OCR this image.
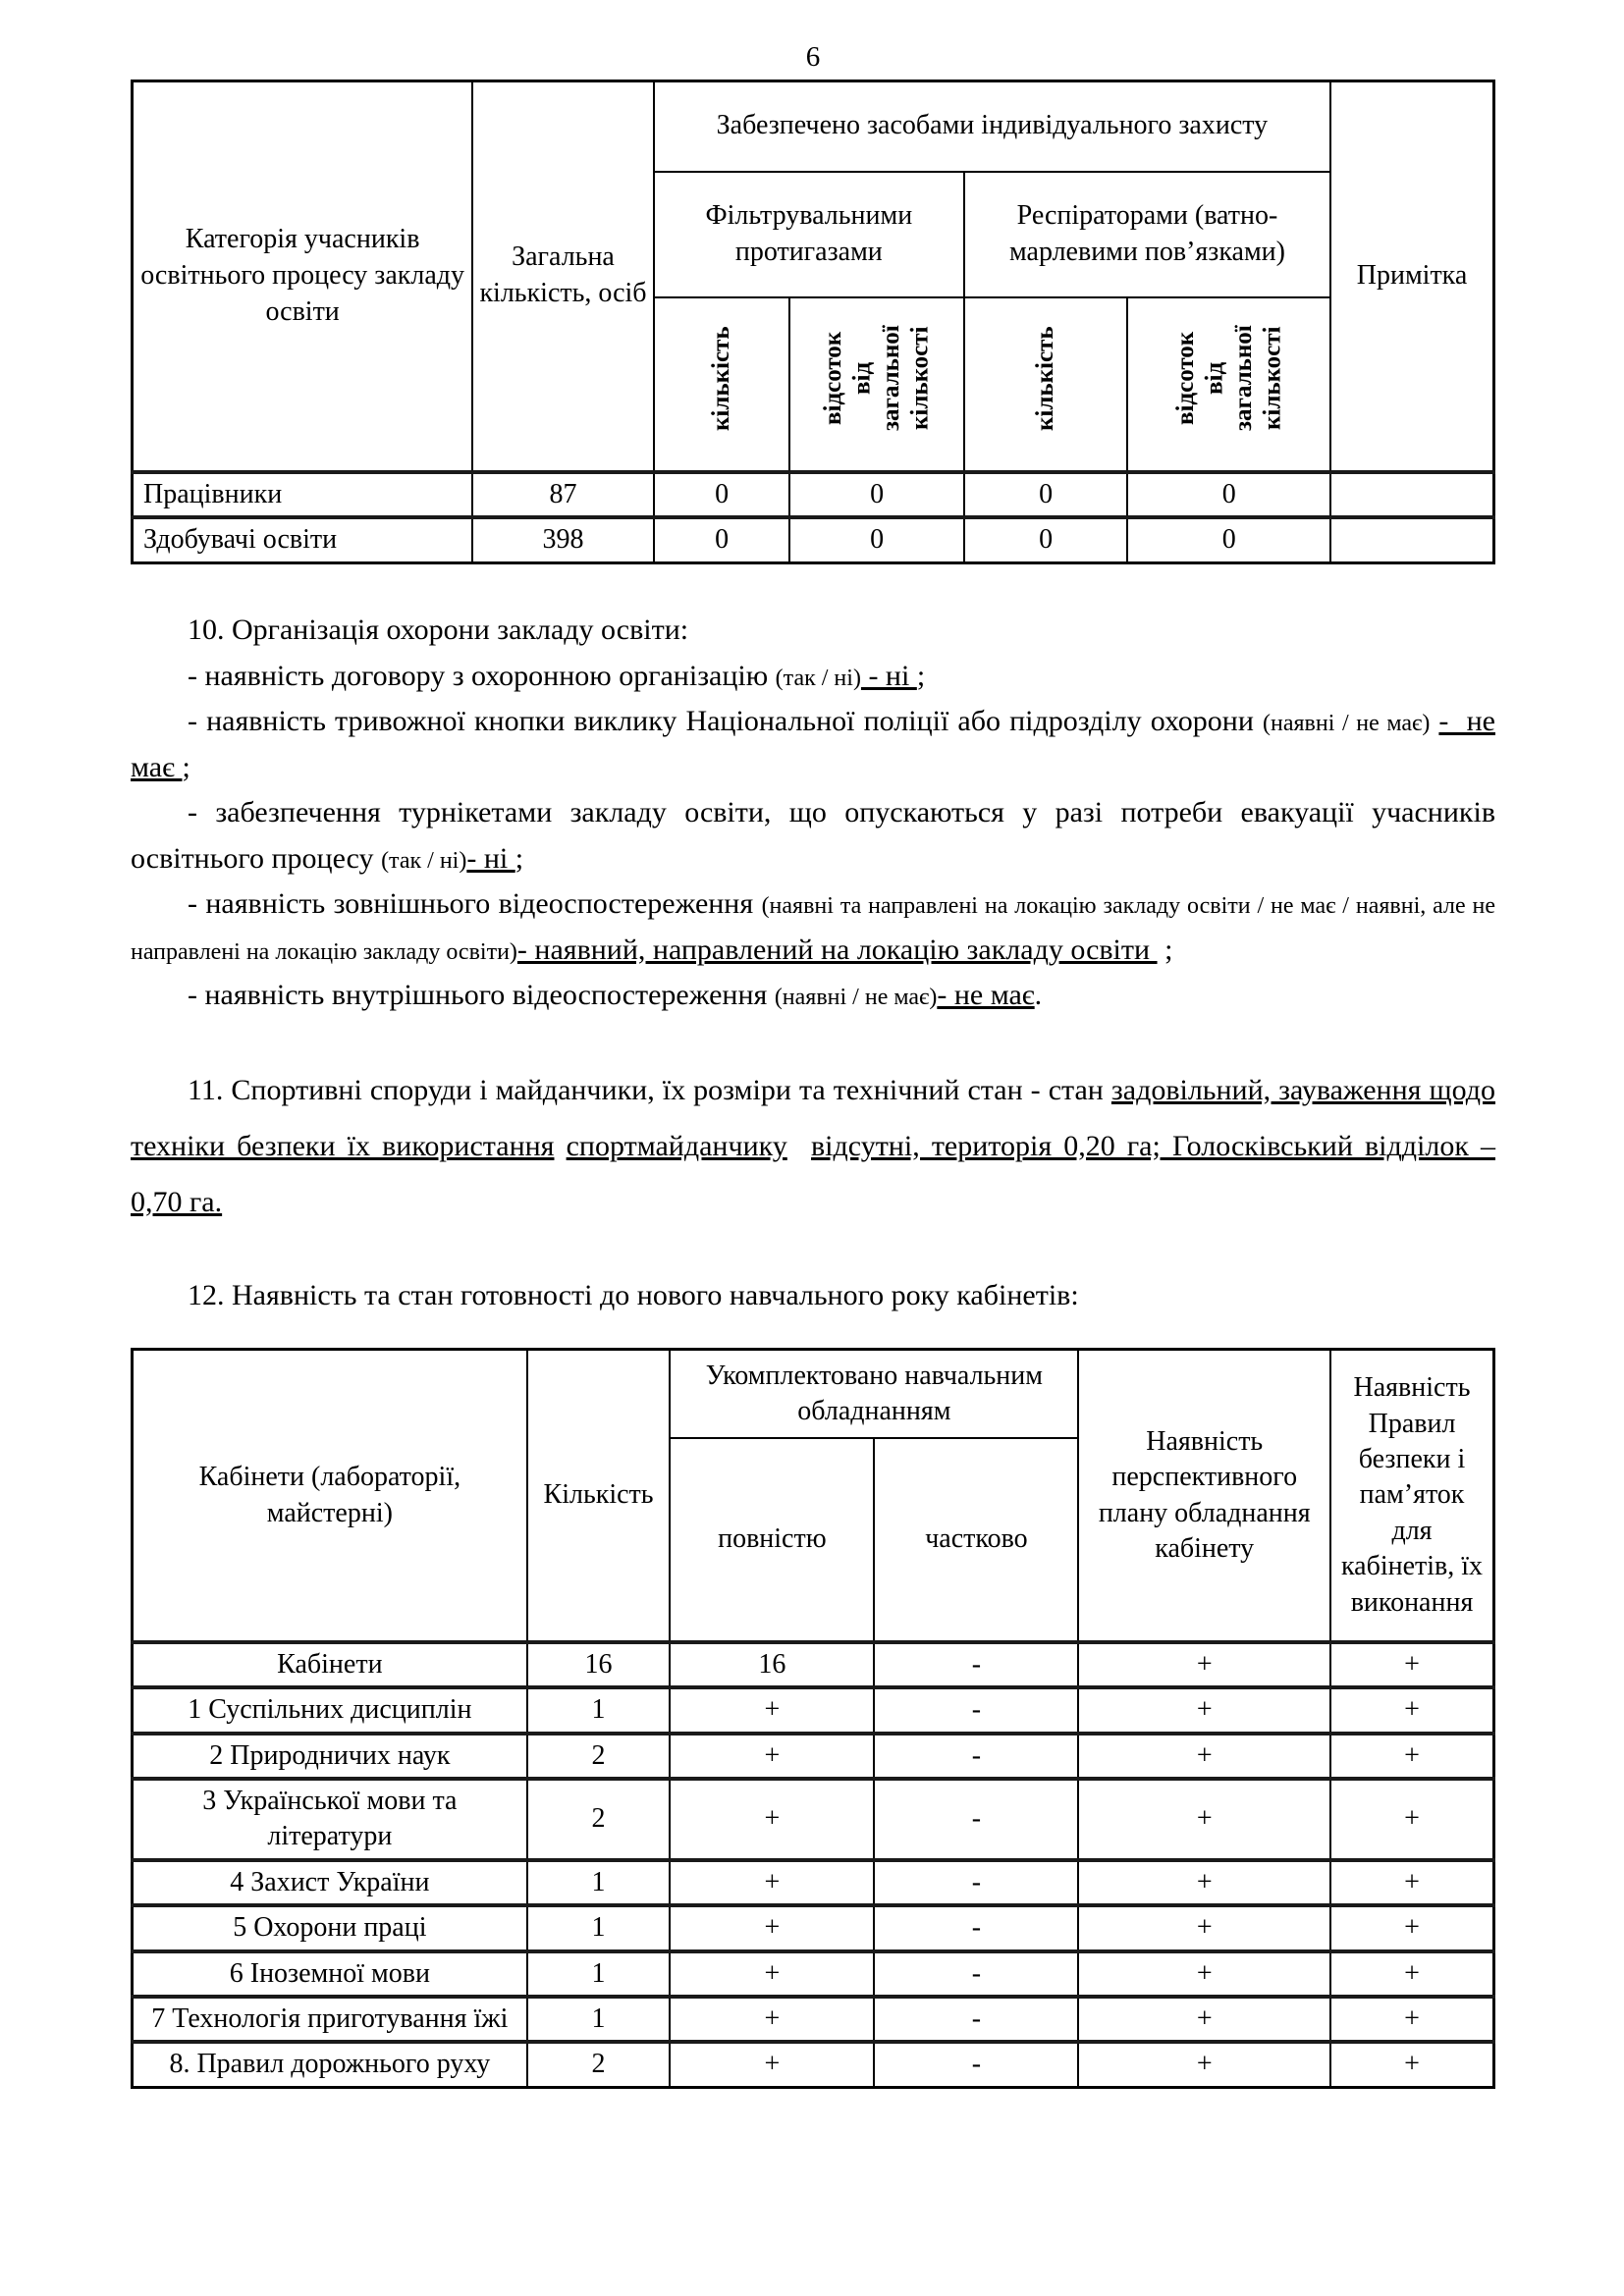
6
Категорія учасників освітнього процесу закладу освіти	Загальна кількість, осіб	Забезпечено засобами індивідуального захисту				Примітка
		Фільтрувальними протигазами		Респіраторами (ватно-марлевими пов’язками)		
		кількість	відсоток від загальної кількості	кількість	відсоток від загальної кількості	
Працівники	87	0	0	0	0	
Здобувачі освіти	398	0	0	0	0	

10. Організація охорони закладу освіти:

- наявність договору з охоронною організацію (так / ні) - ні ;

- наявність тривожної кнопки виклику Національної поліції або підрозділу охорони (наявні / не має) -  не має ;

- забезпечення турнікетами закладу освіти, що опускаються у разі потреби евакуації учасників освітнього процесу (так / ні)- ні ;

- наявність зовнішнього відеоспостереження (наявні та направлені на локацію закладу освіти / не має / наявні, але не направлені на локацію закладу освіти)- наявний, направлений на локацію закладу освіти  ;

- наявність внутрішнього відеоспостереження (наявні / не має)- не має.

11. Спортивні споруди і майданчики, їх розміри та технічний стан - стан задовільний, зауваження щодо техніки безпеки їх використання спортмайданчику відсутні, територія 0,20 га; Голосківський відділок – 0,70 га.

12. Наявність та стан готовності до нового навчального року кабінетів:

Кабінети (лабораторії, майстерні)	Кількість	Укомплектовано навчальним обладнанням		Наявність перспективного плану обладнання кабінету	Наявність Правил безпеки і пам’яток для кабінетів, їх виконання
		повністю	частково		
Кабінети	16	16	-	+	+
1 Суспільних дисциплін	1	+	-	+	+
2 Природничих наук	2	+	-	+	+
3 Української мови та літератури	2	+	-	+	+
4 Захист України	1	+	-	+	+
5 Охорони праці	1	+	-	+	+
6 Іноземної мови	1	+	-	+	+
7 Технологія приготування їжі	1	+	-	+	+
8. Правил дорожнього руху	2	+	-	+	+
